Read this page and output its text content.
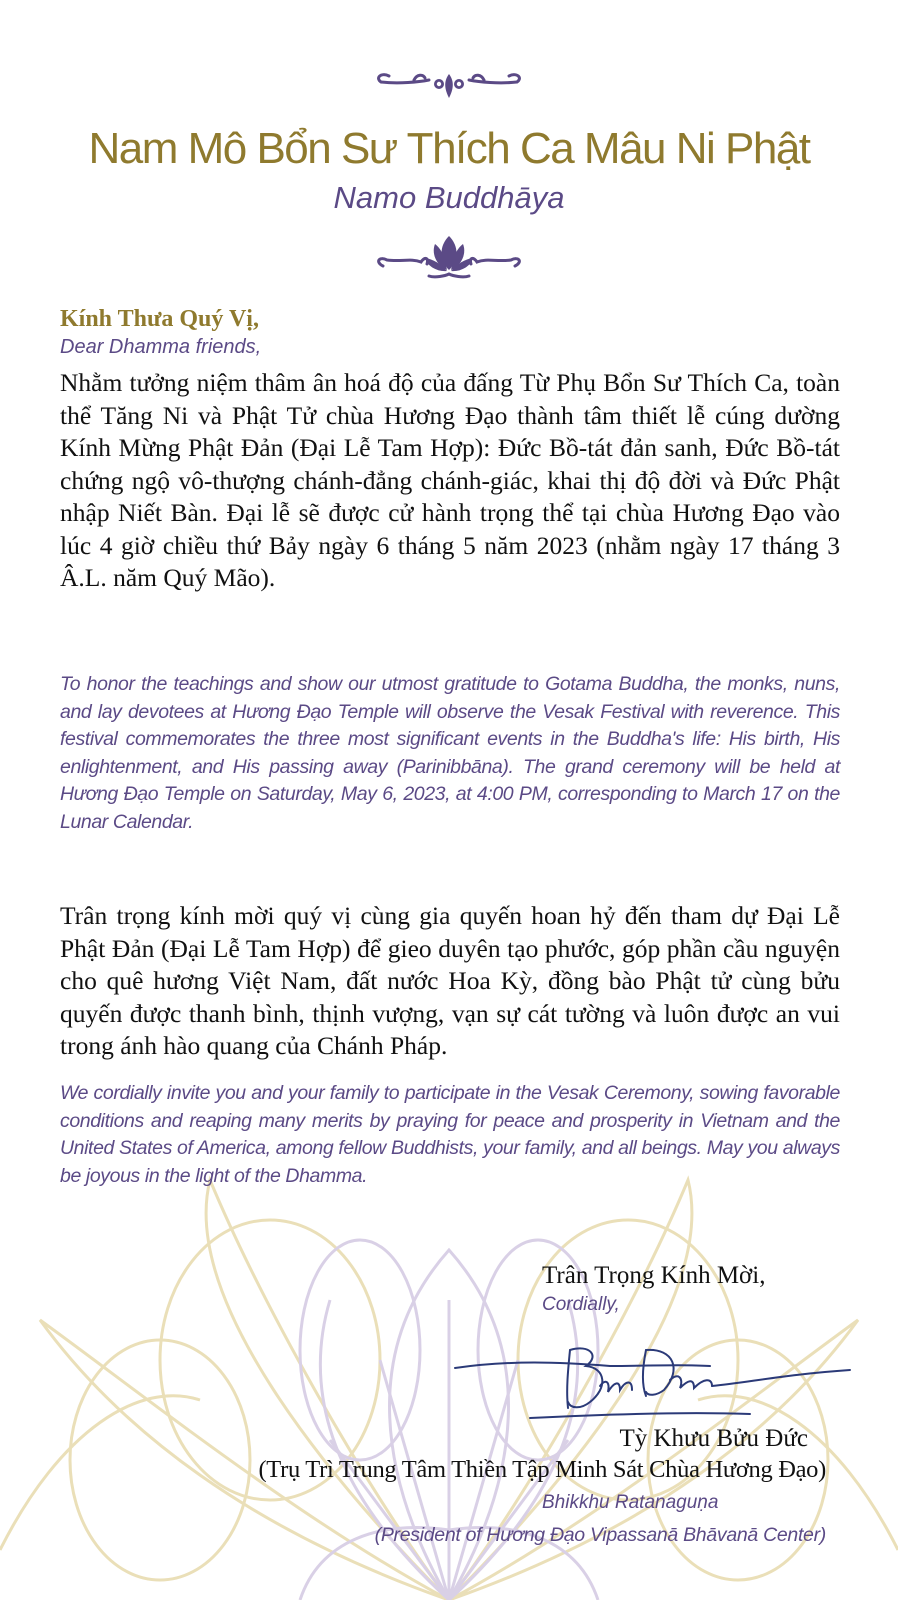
Nam Mô Bổn Sư Thích Ca Mâu Ni Phật
Namo Buddhāya
Kính Thưa Quý Vị,
Dear Dhamma friends,
Nhằm tưởng niệm thâm ân hoá độ của đấng Từ Phụ Bổn Sư Thích Ca, toàn thể Tăng Ni và Phật Tử chùa Hương Đạo thành tâm thiết lễ cúng dường Kính Mừng Phật Đản (Đại Lễ Tam Hợp): Đức Bồ-tát đản sanh, Đức Bồ-tát chứng ngộ vô-thượng chánh-đẳng chánh-giác, khai thị độ đời và Đức Phật nhập Niết Bàn. Đại lễ sẽ được cử hành trọng thể tại chùa Hương Đạo vào lúc 4 giờ chiều thứ Bảy ngày 6 tháng 5 năm 2023 (nhằm ngày 17 tháng 3 Â.L. năm Quý Mão).
To honor the teachings and show our utmost gratitude to Gotama Buddha, the monks, nuns, and lay devotees at Hương Đạo Temple will observe the Vesak Festival with reverence. This festival commemorates the three most significant events in the Buddha's life: His birth, His enlightenment, and His passing away (Parinibbāna). The grand ceremony will be held at Hương Đạo Temple on Saturday, May 6, 2023, at 4:00 PM, corresponding to March 17 on the Lunar Calendar.
Trân trọng kính mời quý vị cùng gia quyến hoan hỷ đến tham dự Đại Lễ Phật Đản (Đại Lễ Tam Hợp) để gieo duyên tạo phước, góp phần cầu nguyện cho quê hương Việt Nam, đất nước Hoa Kỳ, đồng bào Phật tử cùng bửu quyến được thanh bình, thịnh vượng, vạn sự cát tường và luôn được an vui trong ánh hào quang của Chánh Pháp.
We cordially invite you and your family to participate in the Vesak Ceremony, sowing favorable conditions and reaping many merits by praying for peace and prosperity in Vietnam and the United States of America, among fellow Buddhists, your family, and all beings. May you always be joyous in the light of the Dhamma.
Trân Trọng Kính Mời,
Cordially,
Tỳ Khưu Bửu Đức
(Trụ Trì Trung Tâm Thiền Tập Minh Sát Chùa Hương Đạo)
Bhikkhu Ratanaguṇa
(President of Hương Đạo Vipassanā Bhāvanā Center)
